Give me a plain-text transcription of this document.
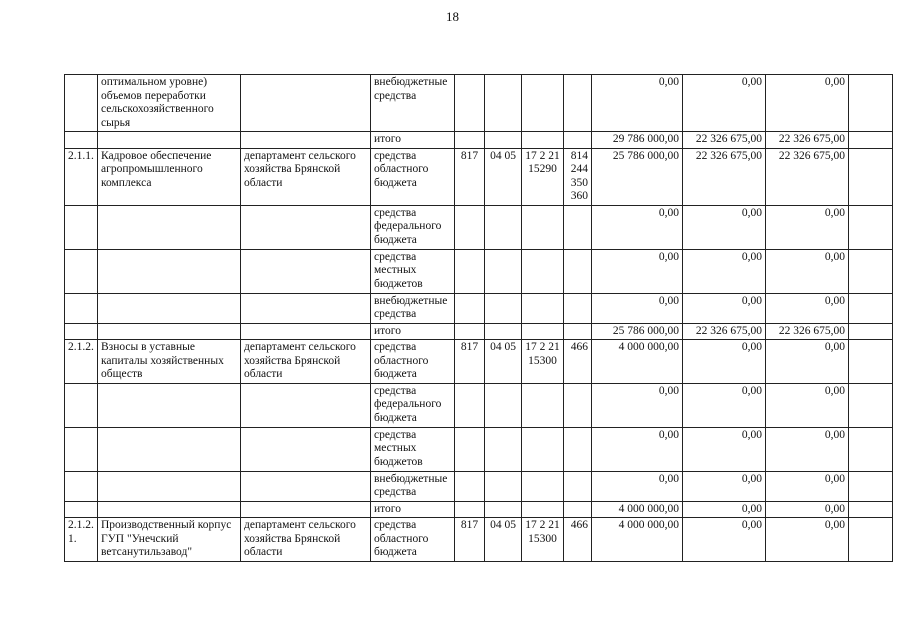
18
	оптимальном уровне) объемов переработки сельскохозяйственного сырья		внебюджетные средства					0,00	0,00	0,00	
			итого					29 786 000,00	22 326 675,00	22 326 675,00	
2.1.1.	Кадровое обеспечение агропромышленного комплекса	департамент сельского хозяйства Брянской области	средства областного бюджета	817	04 05	17 2 21 15290	814 244 350 360	25 786 000,00	22 326 675,00	22 326 675,00	
			средства федерального бюджета					0,00	0,00	0,00	
			средства местных бюджетов					0,00	0,00	0,00	
			внебюджетные средства					0,00	0,00	0,00	
			итого					25 786 000,00	22 326 675,00	22 326 675,00	
2.1.2.	Взносы в уставные капиталы хозяйственных обществ	департамент сельского хозяйства Брянской области	средства областного бюджета	817	04 05	17 2 21 15300	466	4 000 000,00	0,00	0,00	
			средства федерального бюджета					0,00	0,00	0,00	
			средства местных бюджетов					0,00	0,00	0,00	
			внебюджетные средства					0,00	0,00	0,00	
			итого					4 000 000,00	0,00	0,00	
2.1.2. 1.	Производственный корпус ГУП "Унечский ветсанутильзавод"	департамент сельского хозяйства Брянской области	средства областного бюджета	817	04 05	17 2 21 15300	466	4 000 000,00	0,00	0,00	
